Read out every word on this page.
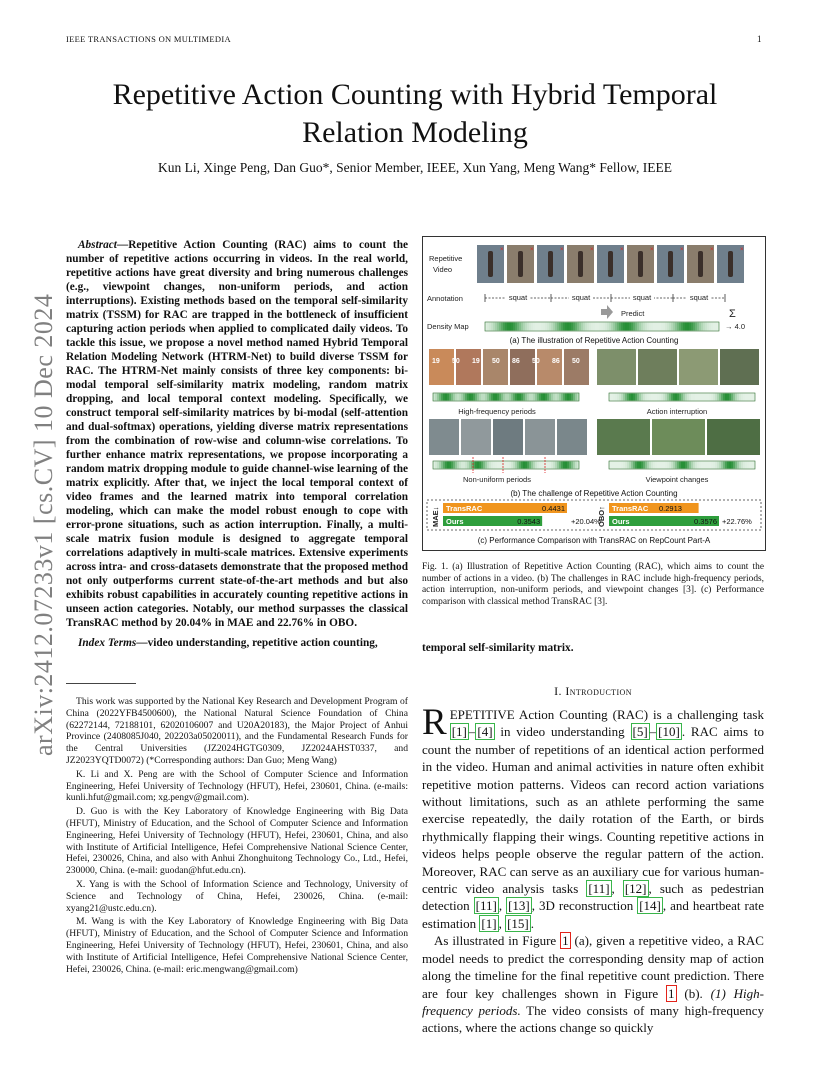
IEEE TRANSACTIONS ON MULTIMEDIA	1
arXiv:2412.07233v1 [cs.CV] 10 Dec 2024
Repetitive Action Counting with Hybrid Temporal Relation Modeling
Kun Li, Xinge Peng, Dan Guo*, Senior Member, IEEE, Xun Yang, Meng Wang* Fellow, IEEE

Abstract—Repetitive Action Counting (RAC) aims to count the number of repetitive actions occurring in videos. In the real world, repetitive actions have great diversity and bring numerous challenges (e.g., viewpoint changes, non-uniform periods, and action interruptions). Existing methods based on the temporal self-similarity matrix (TSSM) for RAC are trapped in the bottleneck of insufficient capturing action periods when applied to complicated daily videos. To tackle this issue, we propose a novel method named Hybrid Temporal Relation Modeling Network (HTRM-Net) to build diverse TSSM for RAC. The HTRM-Net mainly consists of three key components: bi-modal temporal self-similarity matrix modeling, random matrix dropping, and local temporal context modeling. Specifically, we construct temporal self-similarity matrices by bi-modal (self-attention and dual-softmax) operations, yielding diverse matrix representations from the combination of row-wise and column-wise correlations. To further enhance matrix representations, we propose incorporating a random matrix dropping module to guide channel-wise learning of the matrix explicitly. After that, we inject the local temporal context of video frames and the learned matrix into temporal correlation modeling, which can make the model robust enough to cope with error-prone situations, such as action interruption. Finally, a multi-scale matrix fusion module is designed to aggregate temporal correlations adaptively in multi-scale matrices. Extensive experiments across intra- and cross-datasets demonstrate that the proposed method not only outperforms current state-of-the-art methods and but also exhibits robust capabilities in accurately counting repetitive actions in unseen action categories. Notably, our method surpasses the classical TransRAC method by 20.04% in MAE and 22.76% in OBO.

Index Terms—video understanding, repetitive action counting,

This work was supported by the National Key Research and Development Program of China (2022YFB4500600), the National Natural Science Foundation of China (62272144, 72188101, 62020106007 and U20A20183), the Major Project of Anhui Province (2408085J040, 202203a05020011), and the Fundamental Research Funds for the Central Universities (JZ2024HGTG0309, JZ2024AHST0337, and JZ2023YQTD0072) (*Corresponding authors: Dan Guo; Meng Wang)

K. Li and X. Peng are with the School of Computer Science and Information Engineering, Hefei University of Technology (HFUT), Hefei, 230601, China. (e-mails: kunli.hfut@gmail.com; xg.pengv@gmail.com).

D. Guo is with the Key Laboratory of Knowledge Engineering with Big Data (HFUT), Ministry of Education, and the School of Computer Science and Information Engineering, Hefei University of Technology (HFUT), Hefei, 230601, China, and also with Institute of Artificial Intelligence, Hefei Comprehensive National Science Center, Hefei, 230026, China, and also with Anhui Zhonghuitong Technology Co., Ltd., Hefei, 230000, China. (e-mail: guodan@hfut.edu.cn).

X. Yang is with the School of Information Science and Technology, University of Science and Technology of China, Hefei, 230026, China. (e-mail: xyang21@ustc.edu.cn).

M. Wang is with the Key Laboratory of Knowledge Engineering with Big Data (HFUT), Ministry of Education, and the School of Computer Science and Information Engineering, Hefei University of Technology (HFUT), Hefei, 230601, China, and also with Institute of Artificial Intelligence, Hefei Comprehensive National Science Center, Hefei, 230026, China. (e-mail: eric.mengwang@gmail.com)

Repetitive
Video
×	×	×	×	×	×	×	×	×
Annotation	squat	squat	squat	squat
Predict	Σ
Density Map	→ 4.0
(a) The illustration of Repetitive Action Counting
19 50 19 50 86 50 86 50
High-frequency periods	Action interruption
Non-uniform periods	Viewpoint changes
(b) The challenge of Repetitive Action Counting
MAE↓	OBO↑
TransRAC	0.4431
Ours	0.3543	+20.04%
TransRAC 0.2913
Ours	0.3576 +22.76%
(c) Performance Comparison with TransRAC on RepCount Part-A
Fig. 1. (a) Illustration of Repetitive Action Counting (RAC), which aims to count the number of actions in a video. (b) The challenges in RAC include high-frequency periods, action interruption, non-uniform periods, and viewpoint changes [3]. (c) Performance comparison with classical method TransRAC [3].
temporal self-similarity matrix.
I. Introduction

REPETITIVE Action Counting (RAC) is a challenging task [1] – [4] in video understanding [5] – [10] . RAC aims to count the number of repetitions of an identical action performed in the video. Human and animal activities in nature often exhibit repetitive motion patterns. Videos can record action variations without limitations, such as an athlete performing the same exercise repeatedly, the daily rotation of the Earth, or birds rhythmically flapping their wings. Counting repetitive actions in videos helps people observe the regular pattern of the action. Moreover, RAC can serve as an auxiliary cue for various human-centric video analysis tasks [11] , [12] , such as pedestrian detection [11] , [13] , 3D reconstruction [14] , and heartbeat rate estimation [1] , [15] .

As illustrated in Figure 1 (a), given a repetitive video, a RAC model needs to predict the corresponding density map of action along the timeline for the final repetitive count prediction. There are four key challenges shown in Figure 1 (b). (1) High-frequency periods. The video consists of many high-frequency actions, where the actions change so quickly
